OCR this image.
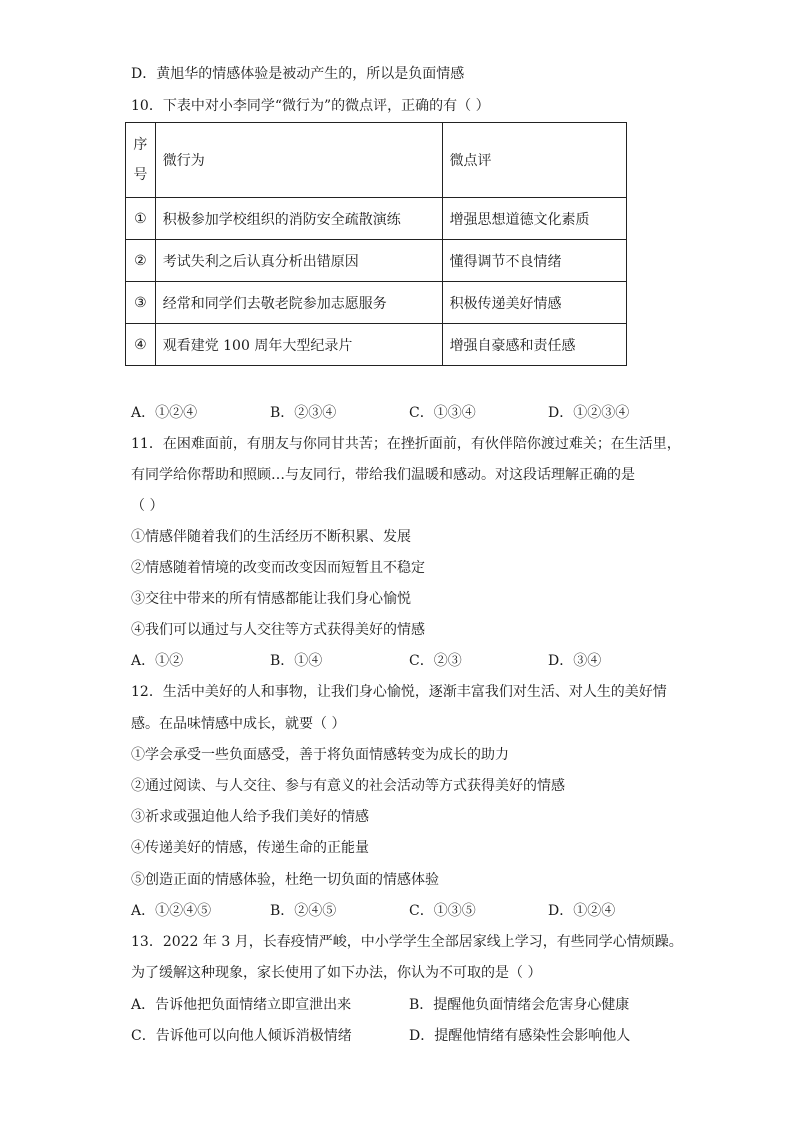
D．黄旭华的情感体验是被动产生的，所以是负面情感
10．下表中对小李同学“微行为”的微点评，正确的有（ ）
序号	微行为	微点评
①	积极参加学校组织的消防安全疏散演练	增强思想道德文化素质
②	考试失利之后认真分析出错原因	懂得调节不良情绪
③	经常和同学们去敬老院参加志愿服务	积极传递美好情感
④	观看建党 100 周年大型纪录片	增强自豪感和责任感
A．①②④	B．②③④	C．①③④	D．①②③④
11．在困难面前，有朋友与你同甘共苦；在挫折面前，有伙伴陪你渡过难关；在生活里，
有同学给你帮助和照顾…与友同行，带给我们温暖和感动。对这段话理解正确的是
（ ）
①情感伴随着我们的生活经历不断积累、发展
②情感随着情境的改变而改变因而短暂且不稳定
③交往中带来的所有情感都能让我们身心愉悦
④我们可以通过与人交往等方式获得美好的情感
A．①②	B．①④	C．②③	D．③④
12．生活中美好的人和事物，让我们身心愉悦，逐渐丰富我们对生活、对人生的美好情
感。在品味情感中成长，就要（ ）
①学会承受一些负面感受，善于将负面情感转变为成长的助力
②通过阅读、与人交往、参与有意义的社会活动等方式获得美好的情感
③祈求或强迫他人给予我们美好的情感
④传递美好的情感，传递生命的正能量
⑤创造正面的情感体验，杜绝一切负面的情感体验
A．①②④⑤	B．②④⑤	C．①③⑤	D．①②④
13．2022 年 3 月，长春疫情严峻，中小学学生全部居家线上学习，有些同学心情烦躁。
为了缓解这种现象，家长使用了如下办法，你认为不可取的是（ ）
A．告诉他把负面情绪立即宣泄出来	B．提醒他负面情绪会危害身心健康
C．告诉他可以向他人倾诉消极情绪	D．提醒他情绪有感染性会影响他人
